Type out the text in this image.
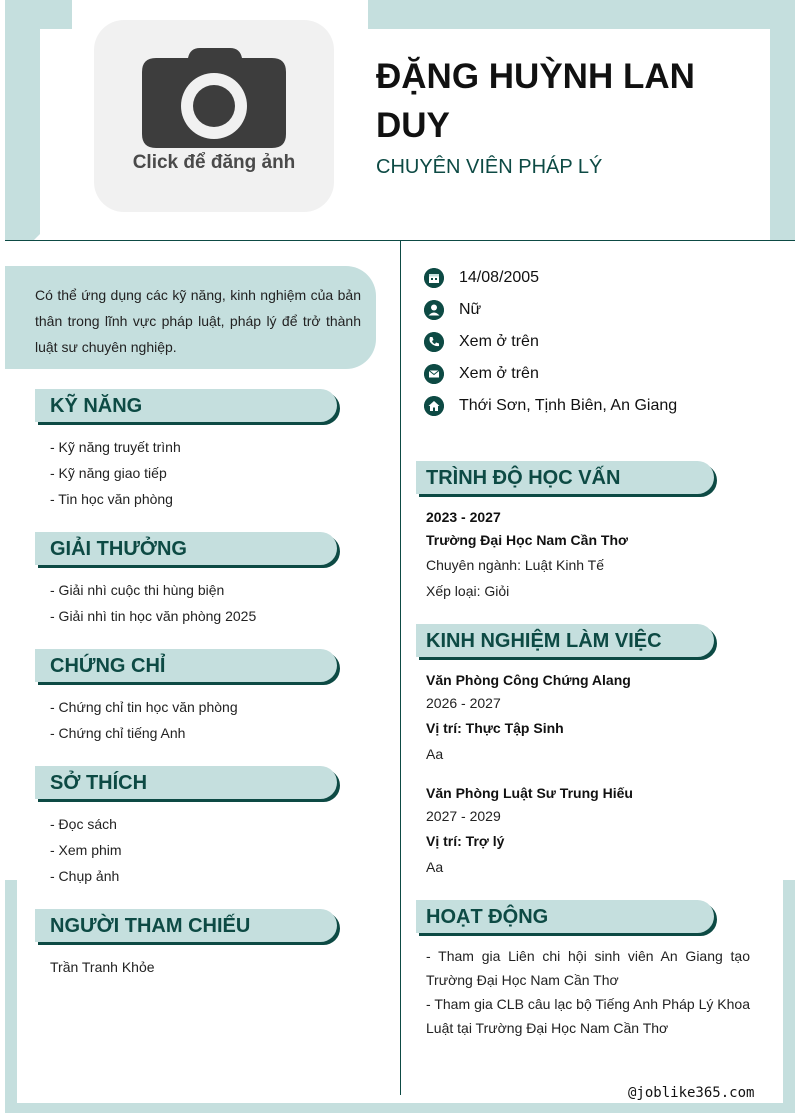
Click để đăng ảnh
ĐẶNG HUỲNH LAN DUY
CHUYÊN VIÊN PHÁP LÝ
Có thể ứng dụng các kỹ năng, kinh nghiệm của bản thân trong lĩnh vực pháp luật, pháp lý để trở thành luật sư chuyên nghiệp.
KỸ NĂNG
- Kỹ năng truyết trình
- Kỹ năng giao tiếp
- Tin học văn phòng
GIẢI THƯỞNG
- Giải nhì cuộc thi hùng biện
- Giải nhì tin học văn phòng 2025
CHỨNG CHỈ
- Chứng chỉ tin học văn phòng
- Chứng chỉ tiếng Anh
SỞ THÍCH
- Đọc sách
- Xem phim
- Chụp ảnh
NGƯỜI THAM CHIẾU
Trần Tranh Khỏe
14/08/2005
Nữ
Xem ở trên
Xem ở trên
Thới Sơn, Tịnh Biên, An Giang
TRÌNH ĐỘ HỌC VẤN
2023 - 2027
Trường Đại Học Nam Cần Thơ
Chuyên ngành: Luật Kinh Tế
Xếp loại: Giỏi
KINH NGHIỆM LÀM VIỆC
Văn Phòng Công Chứng Alang
2026 - 2027
Vị trí: Thực Tập Sinh
Aa
Văn Phòng Luật Sư Trung Hiếu
2027 - 2029
Vị trí: Trợ lý
Aa
HOẠT ĐỘNG
- Tham gia Liên chi hội sinh viên An Giang tạo Trường Đại Học Nam Cần Thơ
- Tham gia CLB câu lạc bộ Tiếng Anh Pháp Lý Khoa Luật tại Trường Đại Học Nam Cần Thơ
@joblike365.com
